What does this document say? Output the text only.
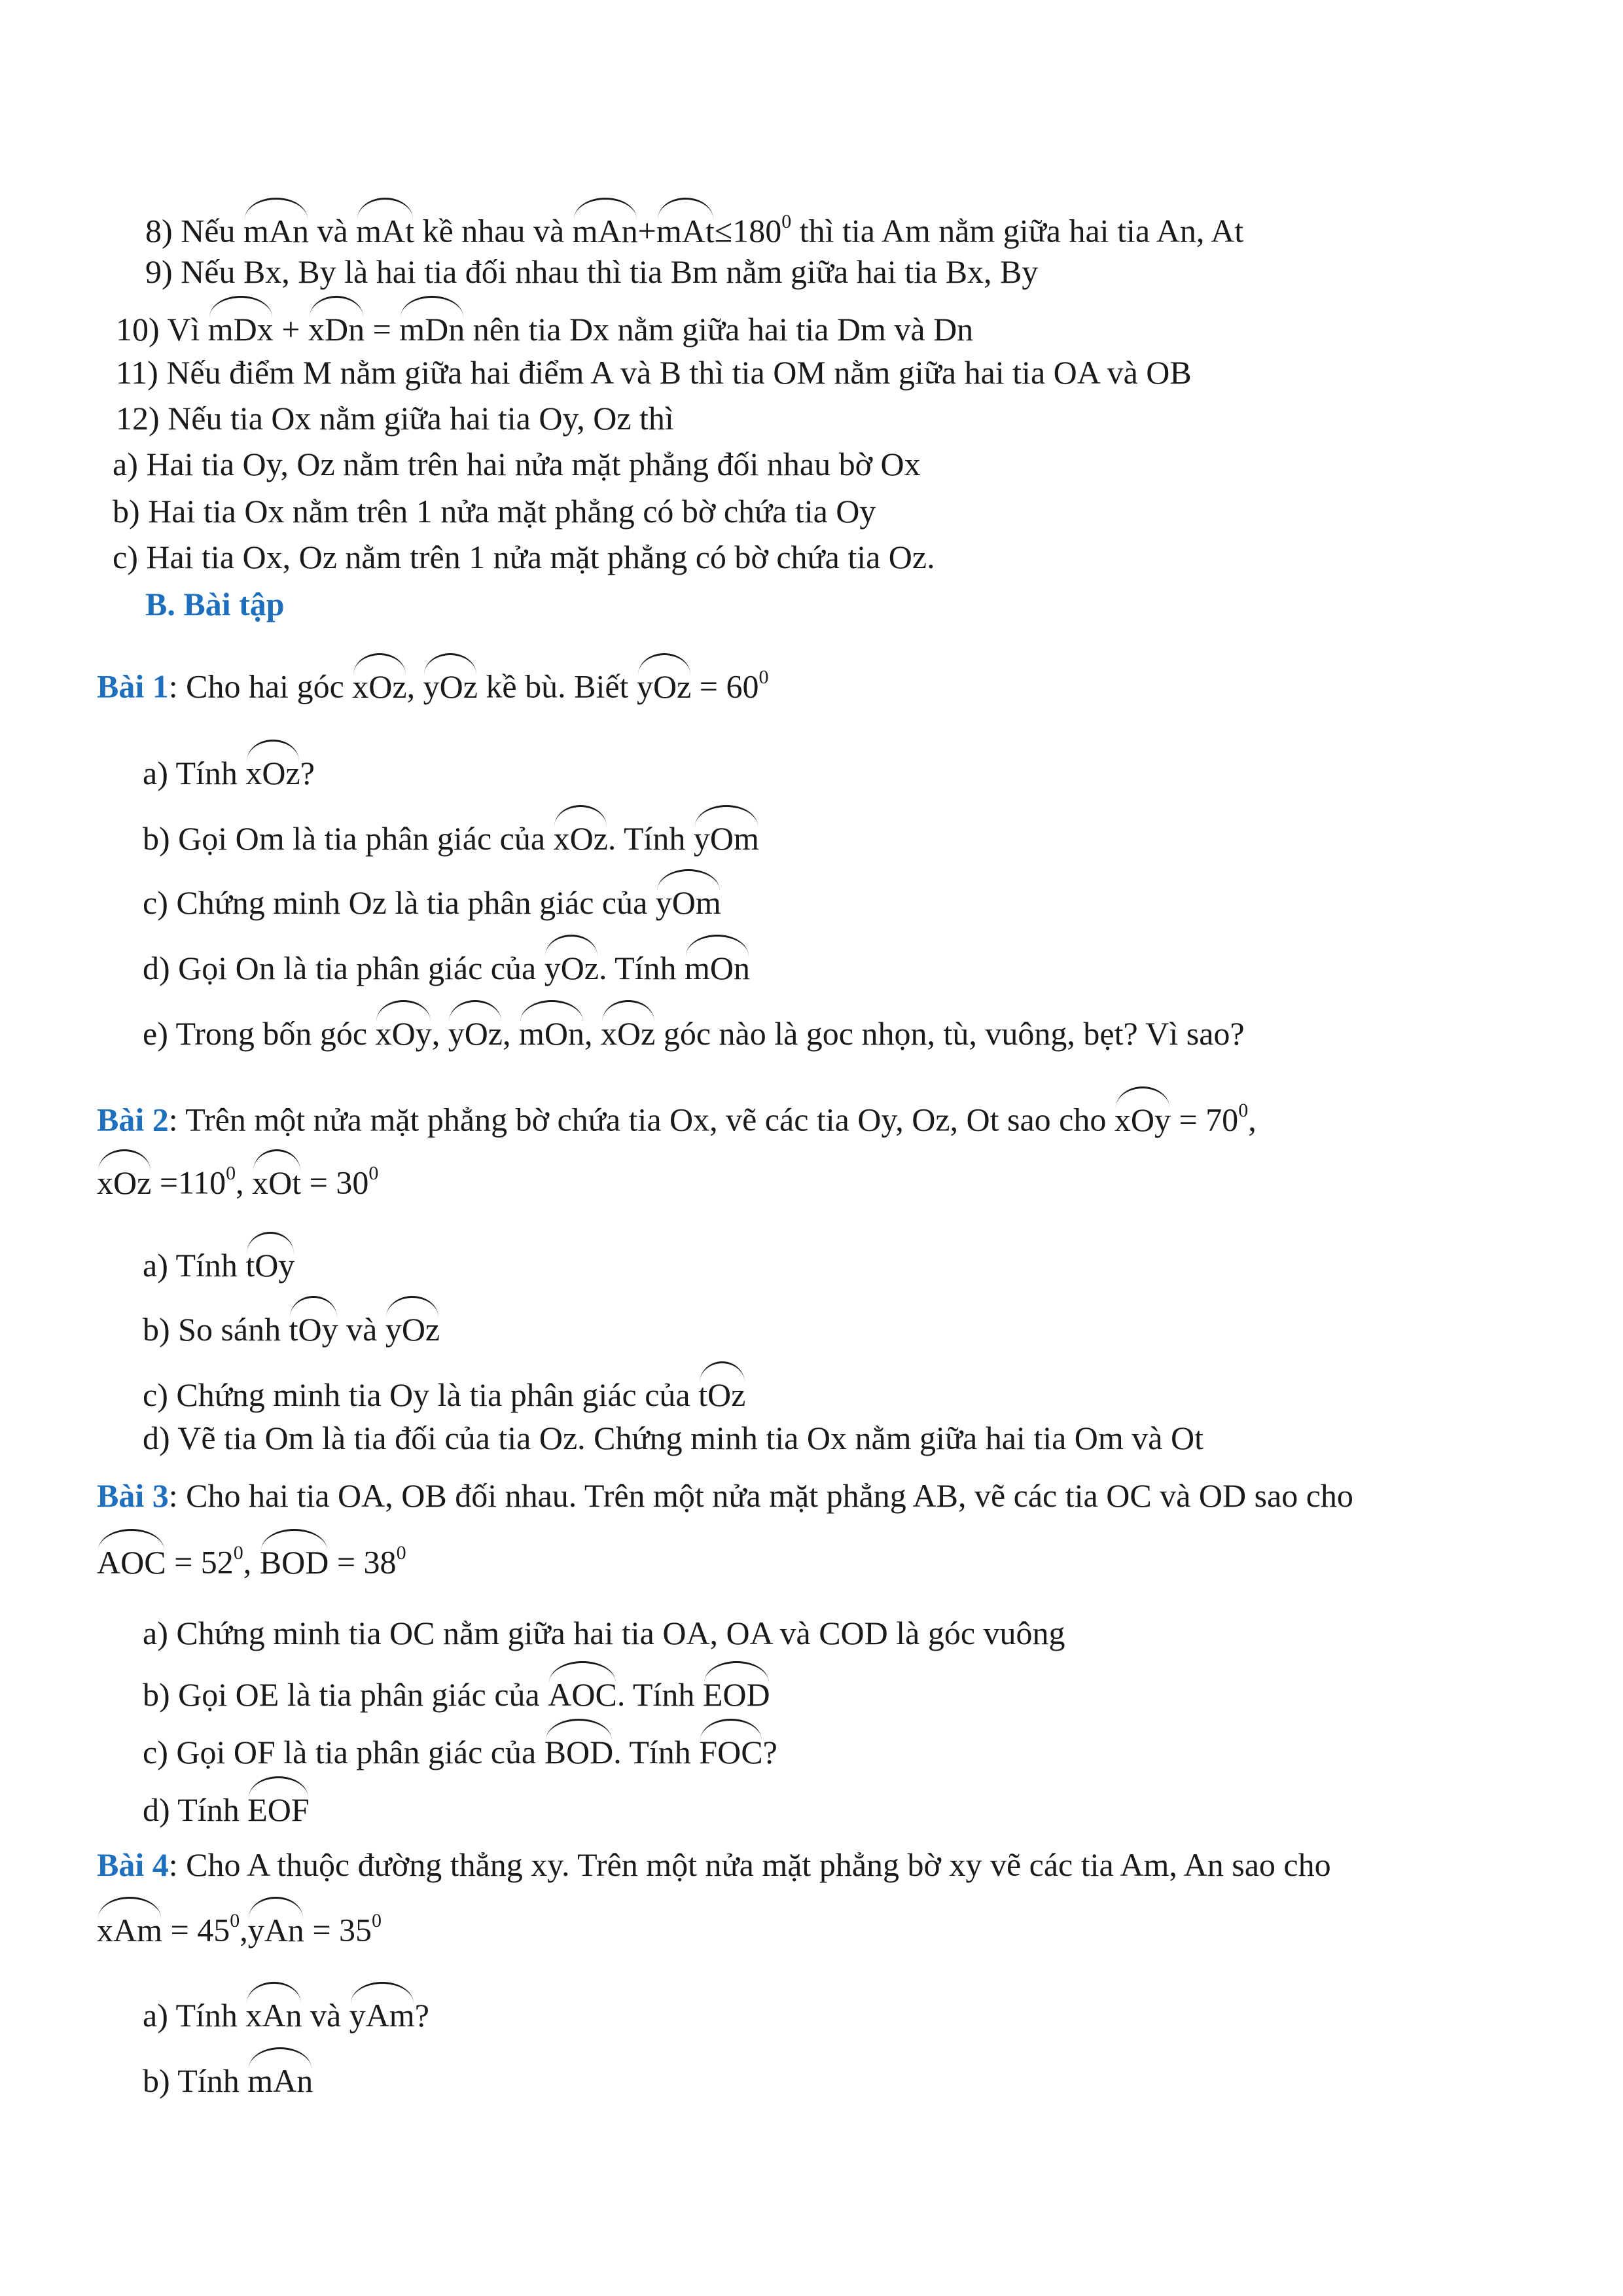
8) Nếu mAn và mAt kề nhau và $mAn+mAt\le 180^0$ thì tia Am nằm giữa hai tia An, At
9) Nếu Bx, By là hai tia đối nhau thì tia Bm nằm giữa hai tia Bx, By
10) Vì mDx + xDn = mDn nên tia Dx nằm giữa hai tia Dm và Dn
11) Nếu điểm M nằm giữa hai điểm A và B thì tia OM nằm giữa hai tia OA và OB
12) Nếu tia Ox nằm giữa hai tia Oy, Oz thì
a) Hai tia Oy, Oz nằm trên hai nửa mặt phẳng đối nhau bờ Ox
b) Hai tia Ox nằm trên 1 nửa mặt phẳng có bờ chứa tia Oy
c) Hai tia Ox, Oz nằm trên 1 nửa mặt phẳng có bờ chứa tia Oz.
B. Bài tập
Bài 1: Cho hai góc xOz, yOz kề bù. Biết yOz = $60^0$
a) Tính xOz?
b) Gọi Om là tia phân giác của xOz. Tính yOm
c) Chứng minh Oz là tia phân giác của yOm
d) Gọi On là tia phân giác của yOz. Tính mOn
e) Trong bốn góc xOy, yOz, mOn, xOz góc nào là goc nhọn, tù, vuông, bẹt? Vì sao?
Bài 2: Trên một nửa mặt phẳng bờ chứa tia Ox, vẽ các tia Oy, Oz, Ot sao cho xOy = $70^0$,
xOz $=110^0$, xOt = $30^0$
a) Tính tOy
b) So sánh tOy và yOz
c) Chứng minh tia Oy là tia phân giác của tOz
d) Vẽ tia Om là tia đối của tia Oz. Chứng minh tia Ox nằm giữa hai tia Om và Ot
Bài 3: Cho hai tia OA, OB đối nhau. Trên một nửa mặt phẳng AB, vẽ các tia OC và OD sao cho
AOC = $52^0$, BOD = $38^0$
a) Chứng minh tia OC nằm giữa hai tia OA, OA và COD là góc vuông
b) Gọi OE là tia phân giác của AOC. Tính EOD
c) Gọi OF là tia phân giác của BOD. Tính FOC?
d) Tính EOF
Bài 4: Cho A thuộc đường thẳng xy. Trên một nửa mặt phẳng bờ xy vẽ các tia Am, An sao cho
xAm = $45^0,yAn = 35^0$
a) Tính xAn và yAm?
b) Tính mAn
